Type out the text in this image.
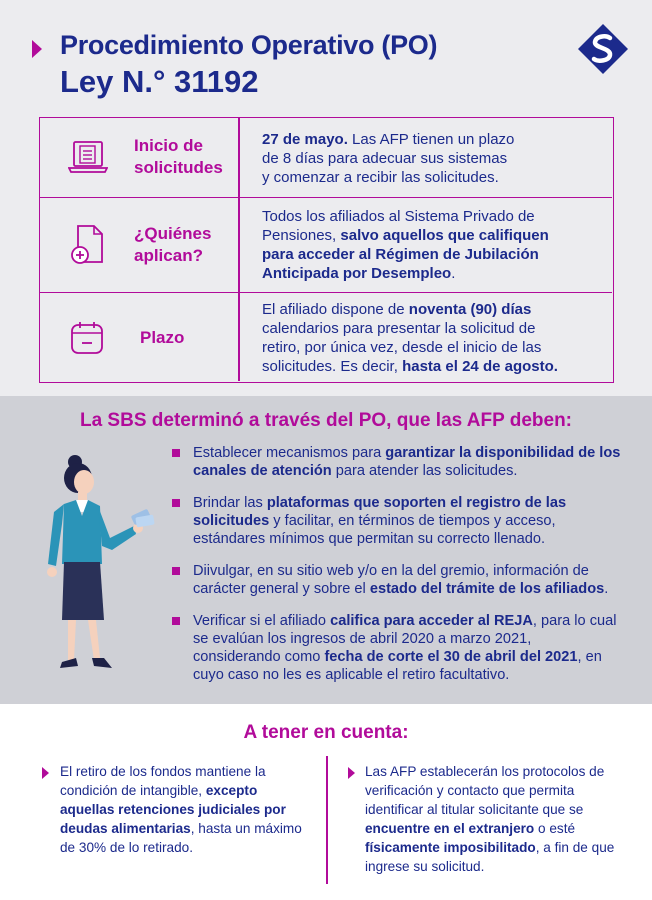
Procedimiento Operativo (PO)
Ley N.° 31192
Inicio de
solicitudes
27 de mayo. Las AFP tienen un plazo
de 8 días para adecuar sus sistemas
y comenzar a recibir las solicitudes.
¿Quiénes
aplican?
Todos los afiliados al Sistema Privado de
Pensiones, salvo aquellos que califiquen
para acceder al Régimen de Jubilación
Anticipada por Desempleo.
Plazo
El afiliado dispone de noventa (90) días
calendarios para presentar la solicitud de
retiro, por única vez, desde el inicio de las
solicitudes. Es decir, hasta el 24 de agosto.
La SBS determinó a través del PO, que las AFP deben:
Establecer mecanismos para garantizar la disponibilidad de los canales de atención para atender las solicitudes.
Brindar las plataformas que soporten el registro de las solicitudes y facilitar, en términos de tiempos y acceso, estándares mínimos que permitan su correcto llenado.
Diivulgar, en su sitio web y/o en la del gremio, información de carácter general y sobre el estado del trámite de los afiliados.
Verificar si el afiliado califica para acceder al REJA, para lo cual se evalúan los ingresos de abril 2020 a marzo 2021, considerando como fecha de corte el 30 de abril del 2021, en cuyo caso no les es aplicable el retiro facultativo.
A tener en cuenta:
El retiro de los fondos mantiene la condición de intangible, excepto aquellas retenciones judiciales por deudas alimentarias, hasta un máximo de 30% de lo retirado.
Las AFP establecerán los protocolos de verificación y contacto que permita identificar al titular solicitante que se encuentre en el extranjero o esté físicamente imposibilitado, a fin de que ingrese su solicitud.
